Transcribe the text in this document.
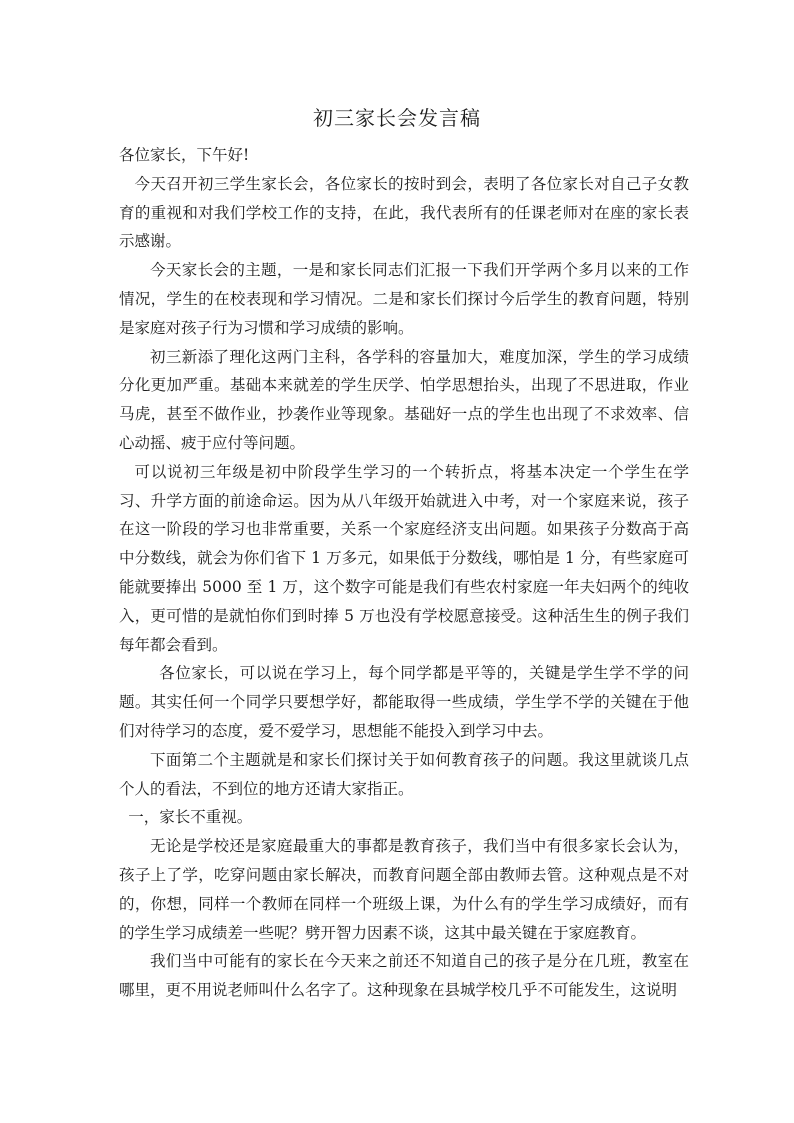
初三家长会发言稿

各位家长，下午好!

今天召开初三学生家长会，各位家长的按时到会，表明了各位家长对自己子女教育的重视和对我们学校工作的支持，在此，我代表所有的任课老师对在座的家长表示感谢。

今天家长会的主题，一是和家长同志们汇报一下我们开学两个多月以来的工作情况，学生的在校表现和学习情况。二是和家长们探讨今后学生的教育问题，特别是家庭对孩子行为习惯和学习成绩的影响。

初三新添了理化这两门主科，各学科的容量加大，难度加深，学生的学习成绩分化更加严重。基础本来就差的学生厌学、怕学思想抬头，出现了不思进取，作业马虎，甚至不做作业，抄袭作业等现象。基础好一点的学生也出现了不求效率、信心动摇、疲于应付等问题。

可以说初三年级是初中阶段学生学习的一个转折点，将基本决定一个学生在学习、升学方面的前途命运。因为从八年级开始就进入中考，对一个家庭来说，孩子在这一阶段的学习也非常重要，关系一个家庭经济支出问题。如果孩子分数高于高中分数线，就会为你们省下 1 万多元，如果低于分数线，哪怕是 1 分，有些家庭可能就要捧出 5000 至 1 万，这个数字可能是我们有些农村家庭一年夫妇两个的纯收入，更可惜的是就怕你们到时捧 5 万也没有学校愿意接受。这种活生生的例子我们每年都会看到。

各位家长，可以说在学习上，每个同学都是平等的，关键是学生学不学的问题。其实任何一个同学只要想学好，都能取得一些成绩，学生学不学的关键在于他们对待学习的态度，爱不爱学习，思想能不能投入到学习中去。

下面第二个主题就是和家长们探讨关于如何教育孩子的问题。我这里就谈几点个人的看法，不到位的地方还请大家指正。

一，家长不重视。

无论是学校还是家庭最重大的事都是教育孩子，我们当中有很多家长会认为，孩子上了学，吃穿问题由家长解决，而教育问题全部由教师去管。这种观点是不对的，你想，同样一个教师在同样一个班级上课，为什么有的学生学习成绩好，而有的学生学习成绩差一些呢？劈开智力因素不谈，这其中最关键在于家庭教育。

我们当中可能有的家长在今天来之前还不知道自己的孩子是分在几班，教室在哪里，更不用说老师叫什么名字了。这种现象在县城学校几乎不可能发生，这说明
